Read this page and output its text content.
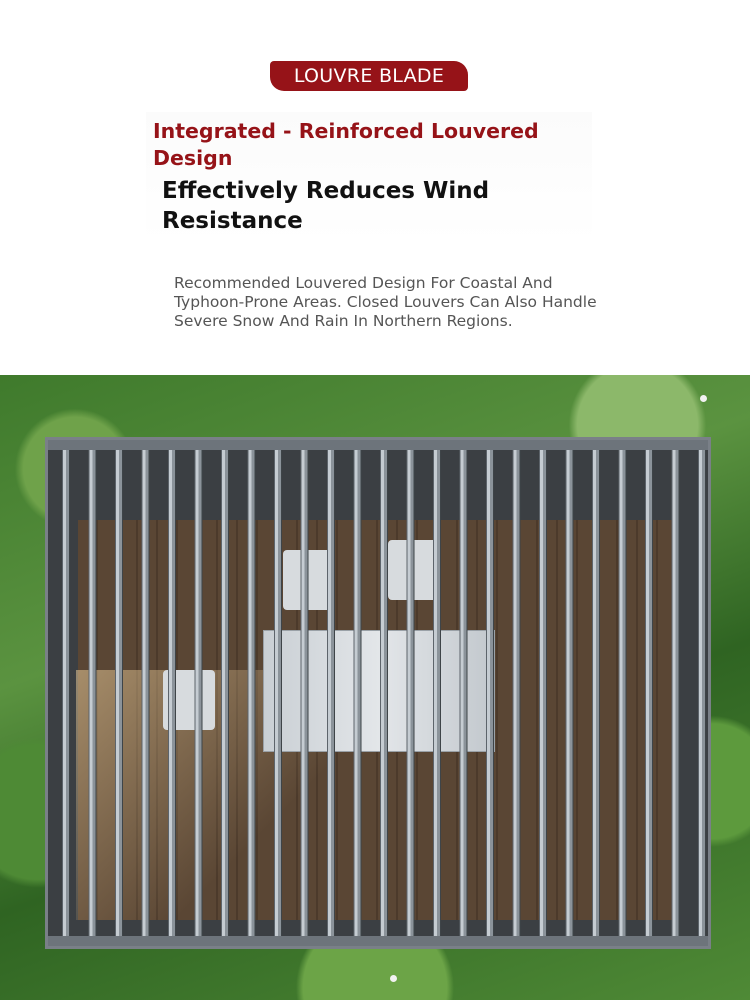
LOUVRE BLADE
Integrated - Reinforced Louvered Design
Effectively Reduces Wind Resistance
Recommended Louvered Design For Coastal And Typhoon-Prone Areas. Closed Louvers Can Also Handle Severe Snow And Rain In Northern Regions.
